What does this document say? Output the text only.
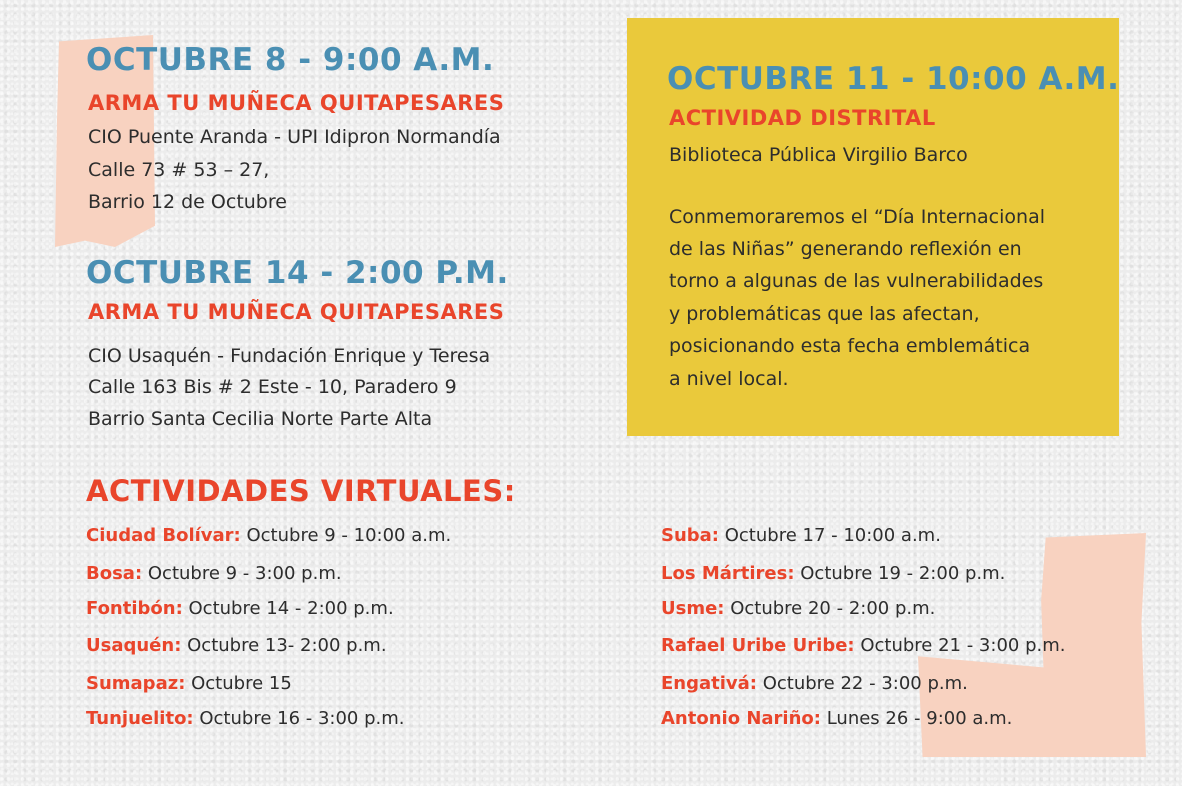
OCTUBRE 8 - 9:00 A.M.
ARMA TU MUÑECA QUITAPESARES

CIO Puente Aranda - UPI Idipron Normandía

Calle 73 # 53 – 27,

Barrio 12 de Octubre

OCTUBRE 14 - 2:00 P.M.
ARMA TU MUÑECA QUITAPESARES

CIO Usaquén - Fundación Enrique y Teresa

Calle 163 Bis # 2 Este - 10, Paradero 9

Barrio Santa Cecilia Norte Parte Alta

OCTUBRE 11 - 10:00 A.M.
ACTIVIDAD DISTRITAL

Biblioteca Pública Virgilio Barco

Conmemoraremos el “Día Internacional

de las Niñas” generando reflexión en

torno a algunas de las vulnerabilidades

y problemáticas que las afectan,

posicionando esta fecha emblemática

a nivel local.

ACTIVIDADES VIRTUALES:

Ciudad Bolívar: Octubre 9 - 10:00 a.m.

Bosa: Octubre 9 - 3:00 p.m.

Fontibón: Octubre 14 - 2:00 p.m.

Usaquén: Octubre 13- 2:00 p.m.

Sumapaz: Octubre 15

Tunjuelito: Octubre 16 - 3:00 p.m.

Suba: Octubre 17 - 10:00 a.m.

Los Mártires: Octubre 19 - 2:00 p.m.

Usme: Octubre 20 - 2:00 p.m.

Rafael Uribe Uribe: Octubre 21 - 3:00 p.m.

Engativá: Octubre 22 - 3:00 p.m.

Antonio Nariño: Lunes 26 - 9:00 a.m.
